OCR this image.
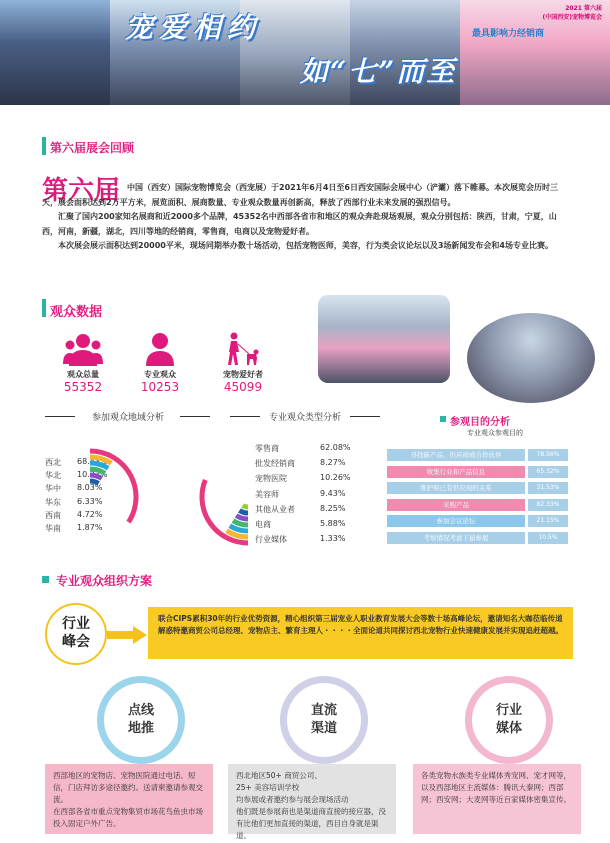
2021 第六届
(中国西安)宠物博览会
最具影响力经销商
宠爱相约
如“七”而至
第六届展会回顾
第六届 中国（西安）国际宠物博览会（西宠展）于2021年6月4日至6日西安国际会展中心（浐灞）落下帷幕。本次展览会历时三天，展会面积达到2万平方米，展览面积、展商数量、专业观众数量再创新高，释放了西部行业未来发展的强烈信号。
汇聚了国内200家知名展商和近2000多个品牌，45352名中西部各省市和地区的观众奔赴现场观展，观众分别包括：陕西，甘肃，宁夏，山西，河南，新疆，湖北，四川等地的经销商，零售商，电商以及宠物爱好者。
本次展会展示面积达到20000平米，现场同期举办数十场活动，包括宠物医师，美容，行为类会议论坛以及3场新闻发布会和4场专业比赛。
观众数据
观众总量
55352
专业观众
10253
宠物爱好者
45099
参加观众地域分析
西北	68.43%
华北	10.27%
华中	8.03%
华东	6.33%
西南	4.72%
华南	1.87%
专业观众类型分析
零售商	62.08%
批发经销商	8.27%
宠物医院	10.26%
美容师	9.43%
其他从业者	8.25%
电商	5.88%
行业媒体	1.33%
参观目的分析
专业观众参观目的
寻找新产品、供应商或合作伙伴	78.56%
收集行业和产品信息	65.32%
维护和已有供应商的关系	31.53%
采购产品	82.33%
参加会议论坛	21.15%
考察情况考虑下届参展	10.5%
专业观众组织方案
行业峰会
联合CIPS累积30年的行业优势资源，精心组织第三届宠业人职业教育发展大会等数十场高峰论坛，邀请知名大咖莅临传道解惑特邀商贸公司总经理、宠物店主、繁育主理人・・・・全面论道共同探讨西北宠物行业快速健康发展并实现追赶超越。
点线
地推
西部地区的宠物店、宠物医院通过电话、短信，门店拜访多途径邀约。送请柬邀请参观交流。
在西部各省市重点宠物集贸市场花鸟鱼虫市场投入固定户外广告。
直流
渠道
西北地区50+ 商贸公司、
25+ 美容培训学校
均参展或者邀约参与展会现场活动
他们既是参展商也是渠道商直接的接应器，没有比他们更加直接的渠道，西目自身就是渠道。
行业
媒体
各类宠物水族类专业媒体秀宠网、宠才网等，以及西部地区主流媒体：腾讯大秦网；西部网；西安网；大麦网等近百家媒体密集宣传。
